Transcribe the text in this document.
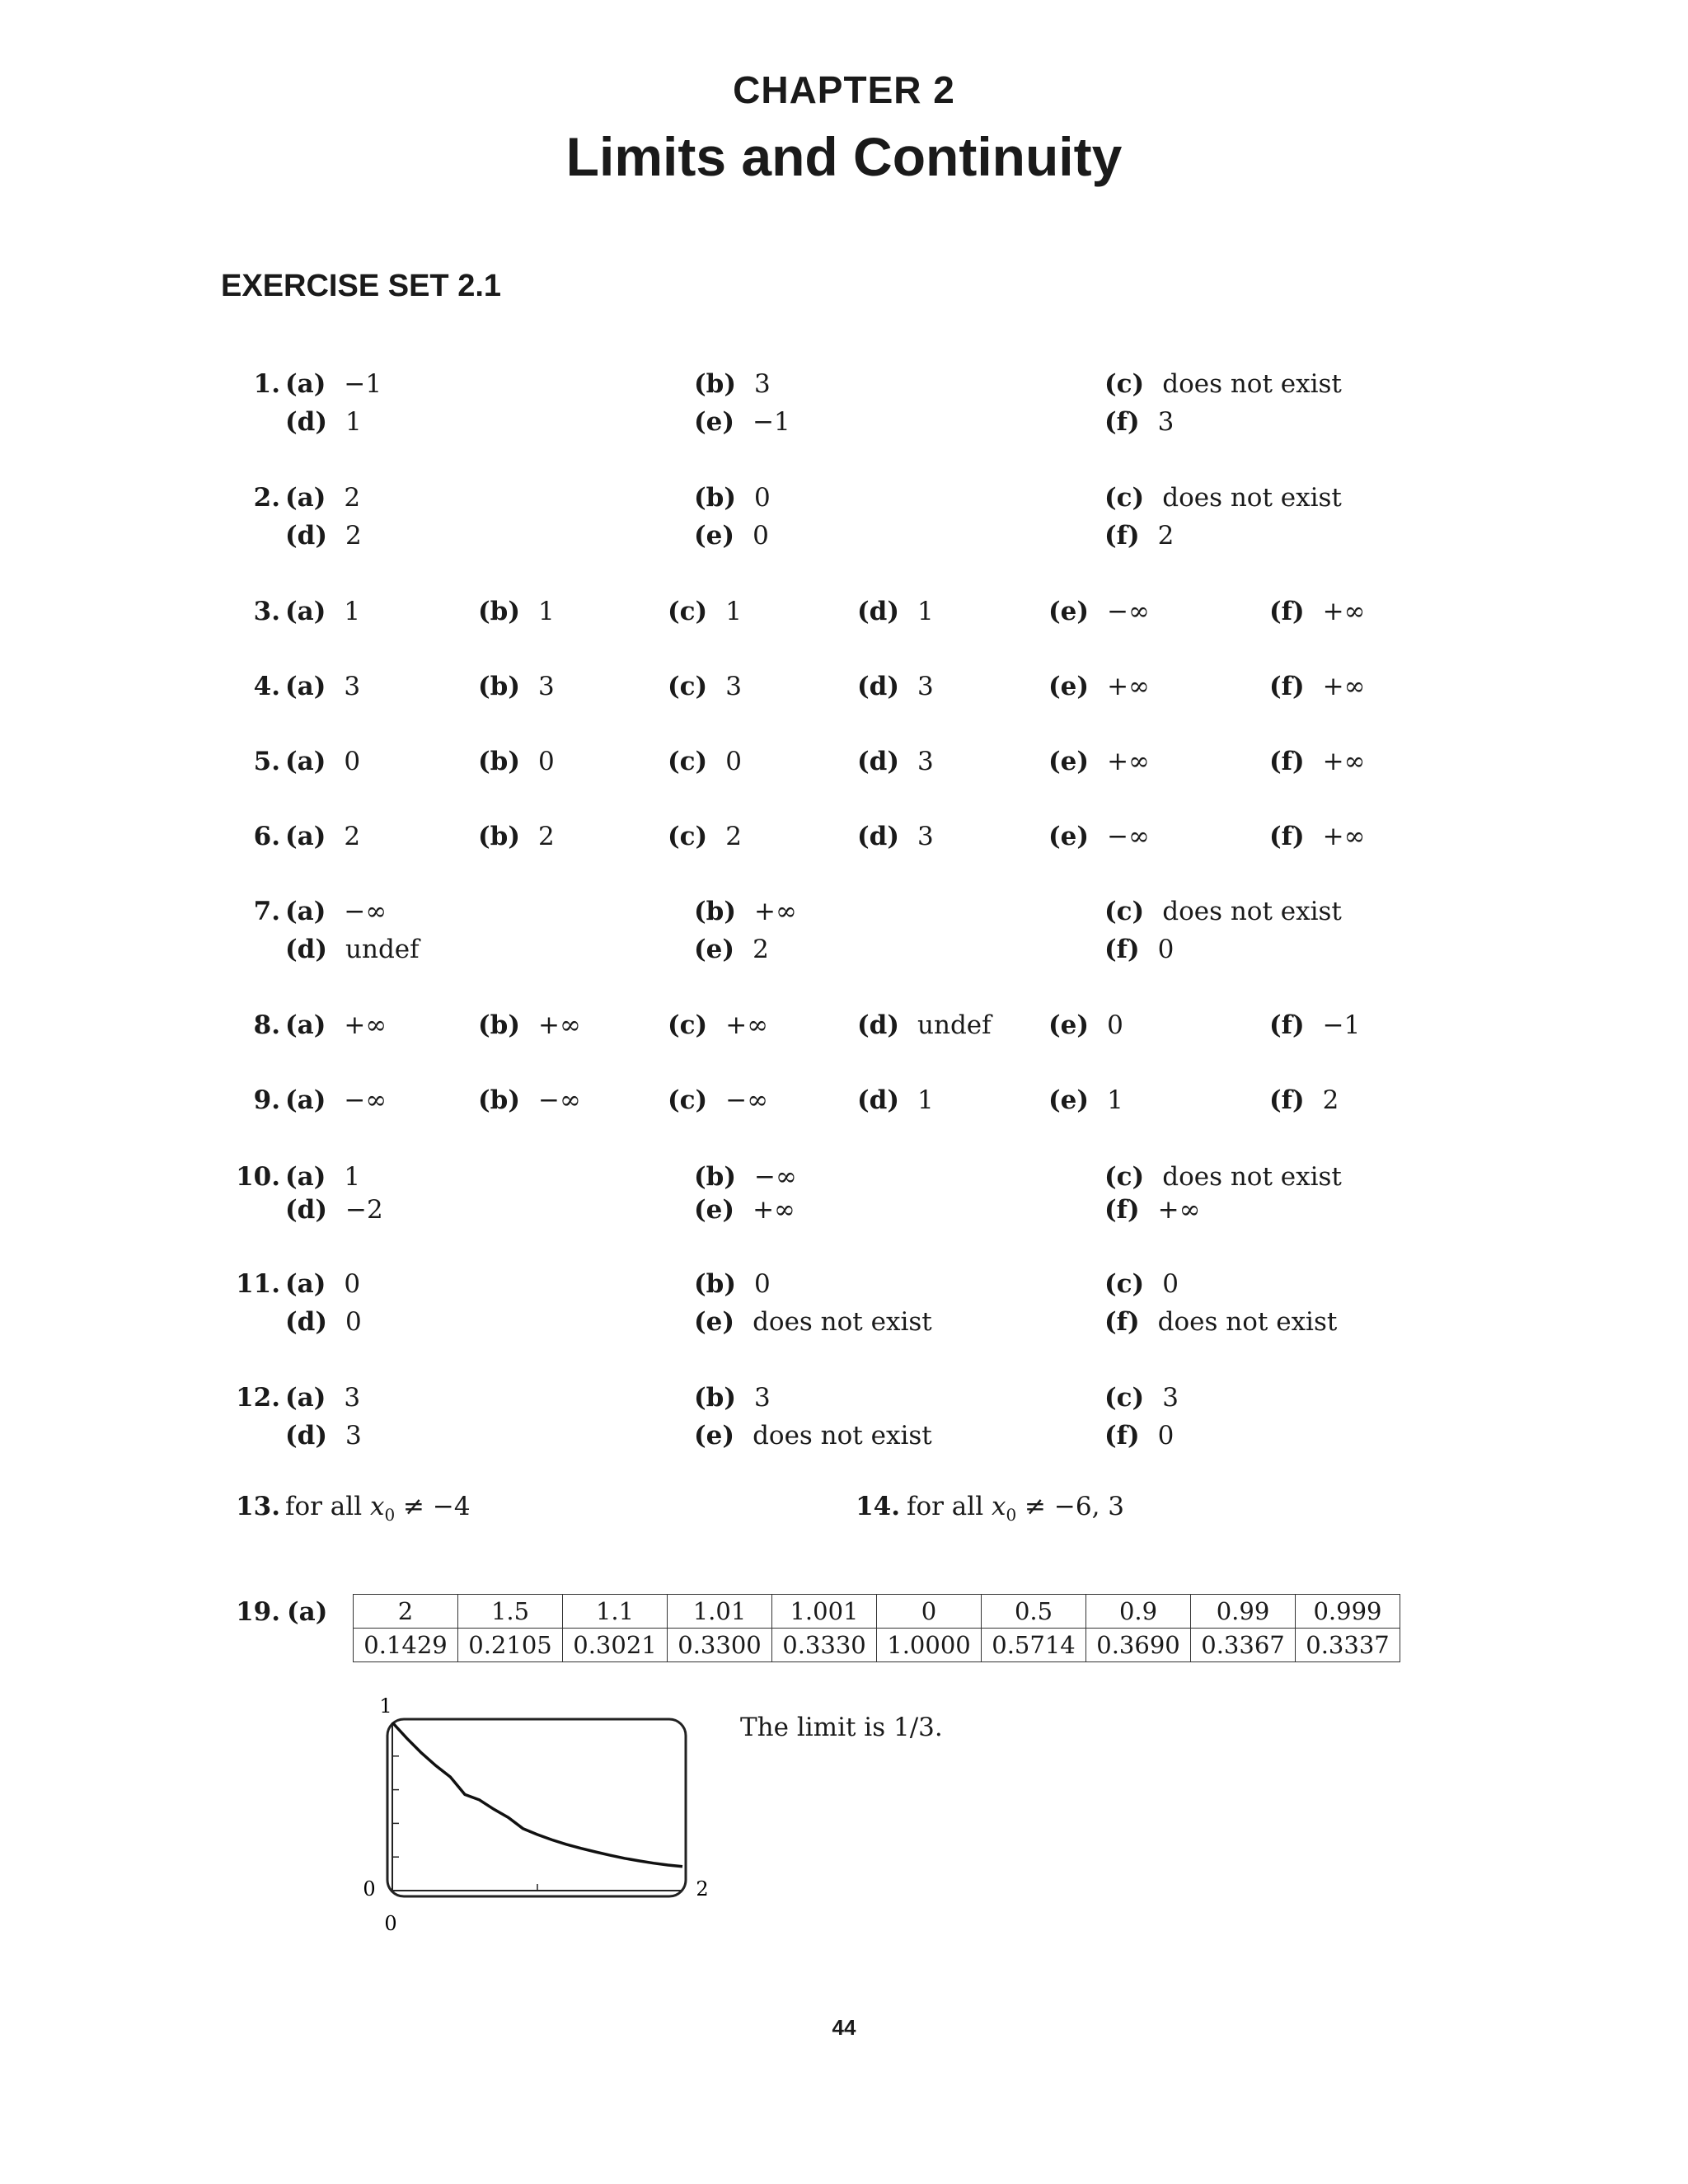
CHAPTER 2
Limits and Continuity
EXERCISE SET 2.1
1. (a) −1	(b) 3	(c) does not exist
(d) 1	(e) −1	(f) 3
2. (a) 2	(b) 0	(c) does not exist
(d) 2	(e) 0	(f) 2
3. (a) 1	(b) 1	(c) 1	(d) 1	(e) −∞	(f) +∞
4. (a) 3	(b) 3	(c) 3	(d) 3	(e) +∞	(f) +∞
5. (a) 0	(b) 0	(c) 0	(d) 3	(e) +∞	(f) +∞
6. (a) 2	(b) 2	(c) 2	(d) 3	(e) −∞	(f) +∞
7. (a) −∞	(b) +∞	(c) does not exist
(d) undef	(e) 2	(f) 0
8. (a) +∞	(b) +∞	(c) +∞	(d) undef (e) 0	(f) −1
9. (a) −∞	(b) −∞	(c) −∞	(d) 1	(e) 1	(f) 2
10. (a) 1	(b) −∞	(c) does not exist
(d) −2	(e) +∞	(f) +∞
11. (a) 0	(b) 0	(c) 0
(d) 0	(e) does not exist	(f) does not exist
12. (a) 3	(b) 3	(c) 3
(d) 3	(e) does not exist	(f) 0
13. for all $x_0 \ne -4$	14. for all $x_0 \ne -6$, 3
19. (a)	2	1.5	1.1	1.01	1.001	0	0.5	0.9	0.99	0.999
0.1429	0.2105	0.3021	0.3300	0.3330	1.0000	0.5714	0.3690	0.3367	0.3337
1
0
0
2
The limit is 1/3.
44
